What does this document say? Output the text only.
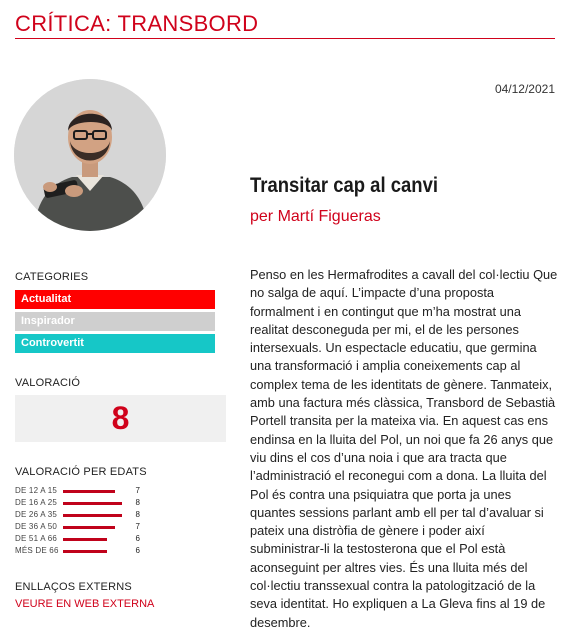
CRÍTICA: TRANSBORD
04/12/2021
Transitar cap al canvi
per Martí Figueras
CATEGORIES
Actualitat
Inspirador
Controvertit
VALORACIÓ
8
VALORACIÓ PER EDATS
DE 12 A 15	7
DE 16 A 25	8
DE 26 A 35	8
DE 36 A 50	7
DE 51 A 66	6
MÉS DE 66	6
ENLLAÇOS EXTERNS
VEURE EN WEB EXTERNA
Penso en les Hermafrodites a cavall del col·lectiu Que no salga de aquí. L’impacte d’una proposta formalment i en contingut que m’ha mostrat una realitat desconeguda per mi, el de les persones intersexuals. Un espectacle educatiu, que germina una transformació i amplia coneixements cap al complex tema de les identitats de gènere. Tanmateix, amb una factura més clàssica, Transbord de Sebastià Portell transita per la mateixa via. En aquest cas ens endinsa en la lluita del Pol, un noi que fa 26 anys que viu dins el cos d’una noia i que ara tracta que l’administració el reconegui com a dona. La lluita del Pol és contra una psiquiatra que porta ja unes quantes sessions parlant amb ell per tal d’avaluar si pateix una distròfia de gènere i poder així subministrar-li la testosterona que el Pol està aconseguint per altres vies. És una lluita més del col·lectiu transsexual contra la patologització de la seva identitat. Ho expliquen a La Gleva fins al 19 de desembre.
